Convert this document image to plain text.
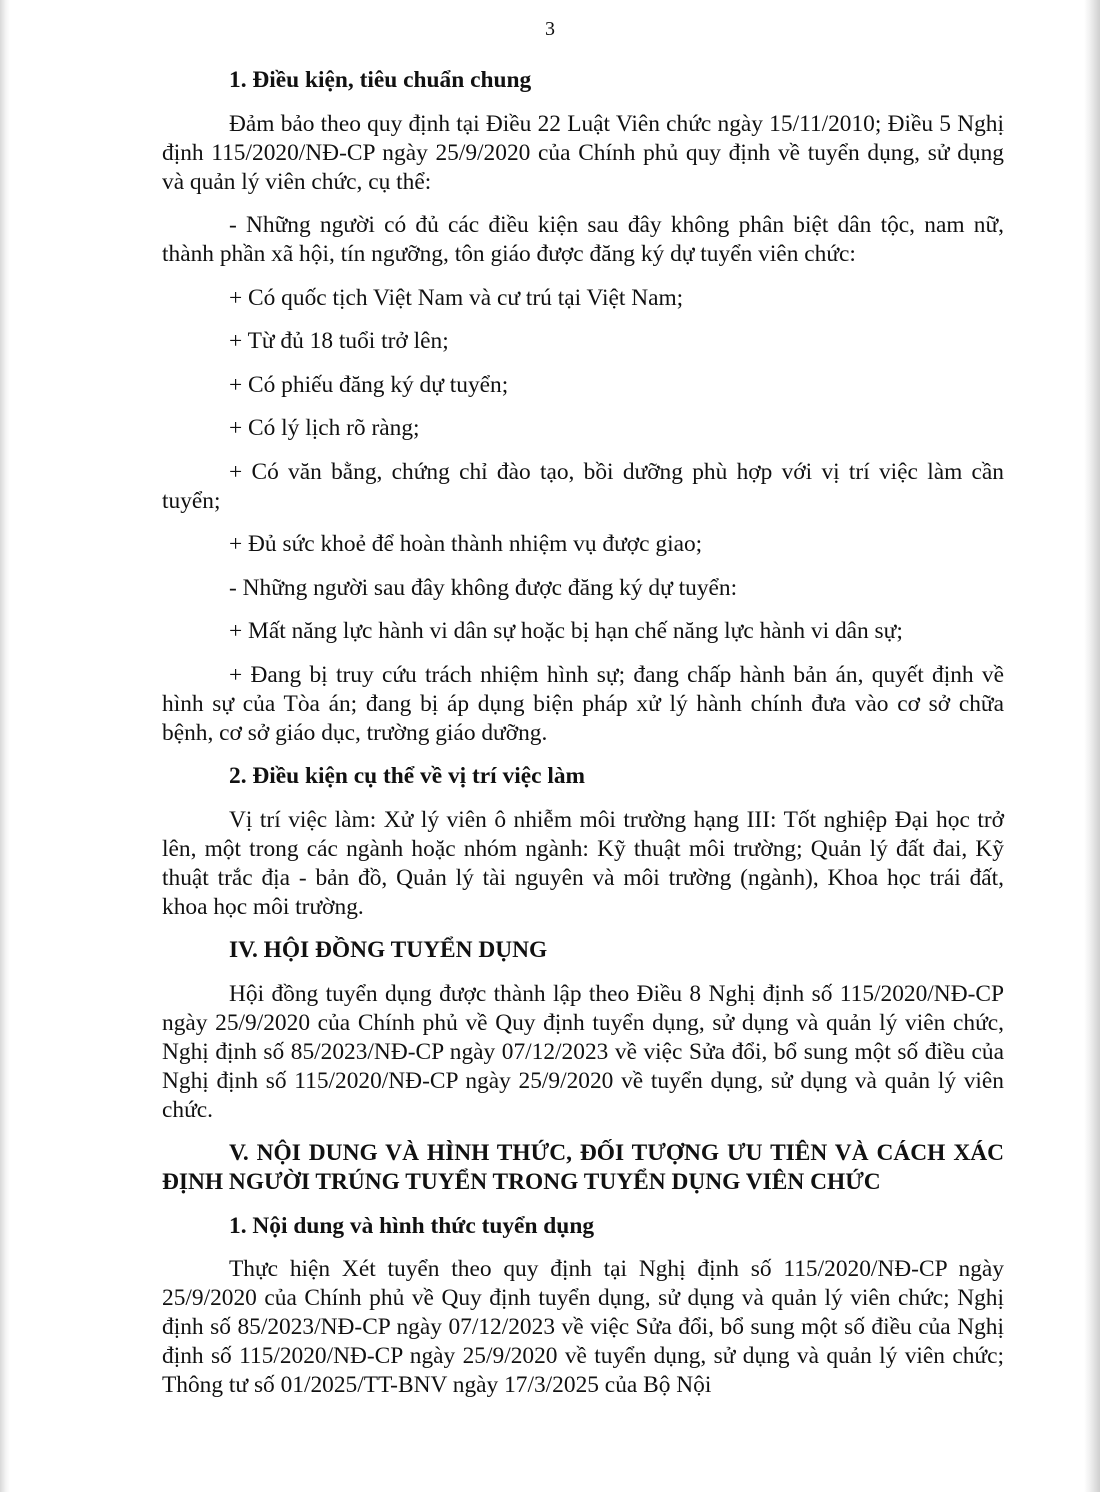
3
1. Điều kiện, tiêu chuẩn chung

Đảm bảo theo quy định tại Điều 22 Luật Viên chức ngày 15/11/2010; Điều 5 Nghị định 115/2020/NĐ-CP ngày 25/9/2020 của Chính phủ quy định về tuyển dụng, sử dụng và quản lý viên chức, cụ thể:

- Những người có đủ các điều kiện sau đây không phân biệt dân tộc, nam nữ, thành phần xã hội, tín ngưỡng, tôn giáo được đăng ký dự tuyển viên chức:

+ Có quốc tịch Việt Nam và cư trú tại Việt Nam;

+ Từ đủ 18 tuổi trở lên;

+ Có phiếu đăng ký dự tuyển;

+ Có lý lịch rõ ràng;

+ Có văn bằng, chứng chỉ đào tạo, bồi dưỡng phù hợp với vị trí việc làm cần tuyển;

+ Đủ sức khoẻ để hoàn thành nhiệm vụ được giao;

- Những người sau đây không được đăng ký dự tuyển:

+ Mất năng lực hành vi dân sự hoặc bị hạn chế năng lực hành vi dân sự;

+ Đang bị truy cứu trách nhiệm hình sự; đang chấp hành bản án, quyết định về hình sự của Tòa án; đang bị áp dụng biện pháp xử lý hành chính đưa vào cơ sở chữa bệnh, cơ sở giáo dục, trường giáo dưỡng.

2. Điều kiện cụ thể về vị trí việc làm

Vị trí việc làm: Xử lý viên ô nhiễm môi trường hạng III: Tốt nghiệp Đại học trở lên, một trong các ngành hoặc nhóm ngành: Kỹ thuật môi trường; Quản lý đất đai, Kỹ thuật trắc địa - bản đồ, Quản lý tài nguyên và môi trường (ngành), Khoa học trái đất, khoa học môi trường.

IV. HỘI ĐỒNG TUYỂN DỤNG

Hội đồng tuyển dụng được thành lập theo Điều 8 Nghị định số 115/2020/NĐ-CP ngày 25/9/2020 của Chính phủ về Quy định tuyển dụng, sử dụng và quản lý viên chức, Nghị định số 85/2023/NĐ-CP ngày 07/12/2023 về việc Sửa đổi, bổ sung một số điều của Nghị định số 115/2020/NĐ-CP ngày 25/9/2020 về tuyển dụng, sử dụng và quản lý viên chức.

V. NỘI DUNG VÀ HÌNH THỨC, ĐỐI TƯỢNG ƯU TIÊN VÀ CÁCH XÁC ĐỊNH NGƯỜI TRÚNG TUYỂN TRONG TUYỂN DỤNG VIÊN CHỨC
1. Nội dung và hình thức tuyển dụng

Thực hiện Xét tuyển theo quy định tại Nghị định số 115/2020/NĐ-CP ngày 25/9/2020 của Chính phủ về Quy định tuyển dụng, sử dụng và quản lý viên chức; Nghị định số 85/2023/NĐ-CP ngày 07/12/2023 về việc Sửa đổi, bổ sung một số điều của Nghị định số 115/2020/NĐ-CP ngày 25/9/2020 về tuyển dụng, sử dụng và quản lý viên chức; Thông tư số 01/2025/TT-BNV ngày 17/3/2025 của Bộ Nội
